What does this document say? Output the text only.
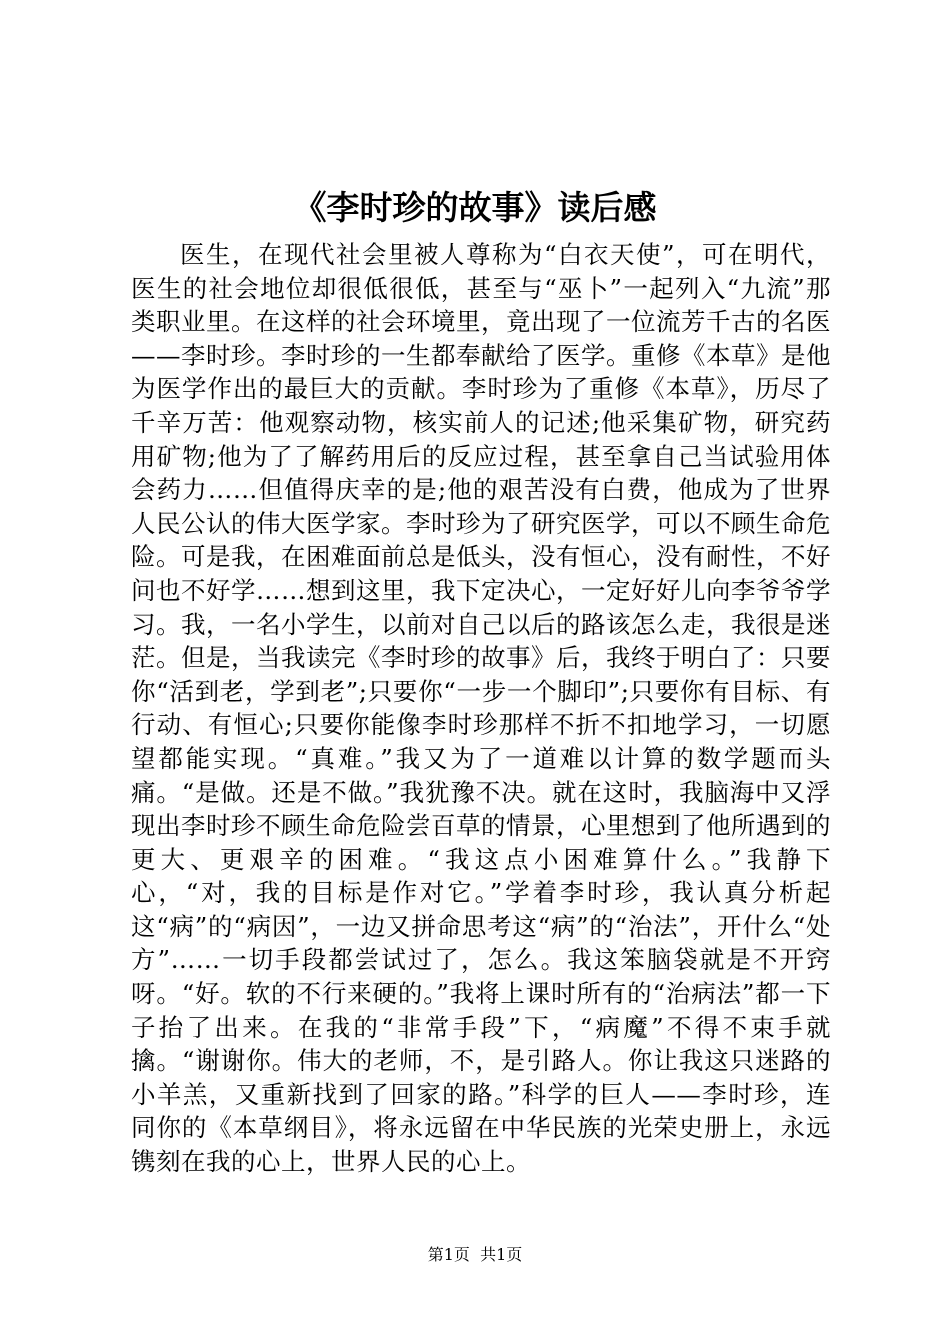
《李时珍的故事》读后感

医生，在现代社会里被人尊称为“白衣天使”，可在明代，医生的社会地位却很低很低，甚至与“巫卜”一起列入“九流”那类职业里。在这样的社会环境里，竟出现了一位流芳千古的名医——李时珍。李时珍的一生都奉献给了医学。重修《本草》是他为医学作出的最巨大的贡献。李时珍为了重修《本草》，历尽了千辛万苦：他观察动物，核实前人的记述;他采集矿物，研究药用矿物;他为了了解药用后的反应过程，甚至拿自己当试验用体会药力……但值得庆幸的是;他的艰苦没有白费，他成为了世界人民公认的伟大医学家。李时珍为了研究医学，可以不顾生命危险。可是我，在困难面前总是低头，没有恒心，没有耐性，不好问也不好学……想到这里，我下定决心，一定好好儿向李爷爷学习。我，一名小学生，以前对自己以后的路该怎么走，我很是迷茫。但是，当我读完《李时珍的故事》后，我终于明白了：只要你“活到老，学到老”;只要你“一步一个脚印”;只要你有目标、有行动、有恒心;只要你能像李时珍那样不折不扣地学习，一切愿望都能实现。“真难。”我又为了一道难以计算的数学题而头痛。“是做。还是不做。”我犹豫不决。就在这时，我脑海中又浮现出李时珍不顾生命危险尝百草的情景，心里想到了他所遇到的更大、更艰辛的困难。“我这点小困难算什么。”我静下心，“对，我的目标是作对它。”学着李时珍，我认真分析起这“病”的“病因”，一边又拼命思考这“病”的“治法”，开什么“处方”……一切手段都尝试过了，怎么。我这笨脑袋就是不开窍呀。“好。软的不行来硬的。”我将上课时所有的“治病法”都一下子抬了出来。在我的“非常手段”下，“病魔”不得不束手就擒。“谢谢你。伟大的老师，不，是引路人。你让我这只迷路的小羊羔，又重新找到了回家的路。”科学的巨人——李时珍，连同你的《本草纲目》，将永远留在中华民族的光荣史册上，永远镌刻在我的心上，世界人民的心上。

第1页  共1页
